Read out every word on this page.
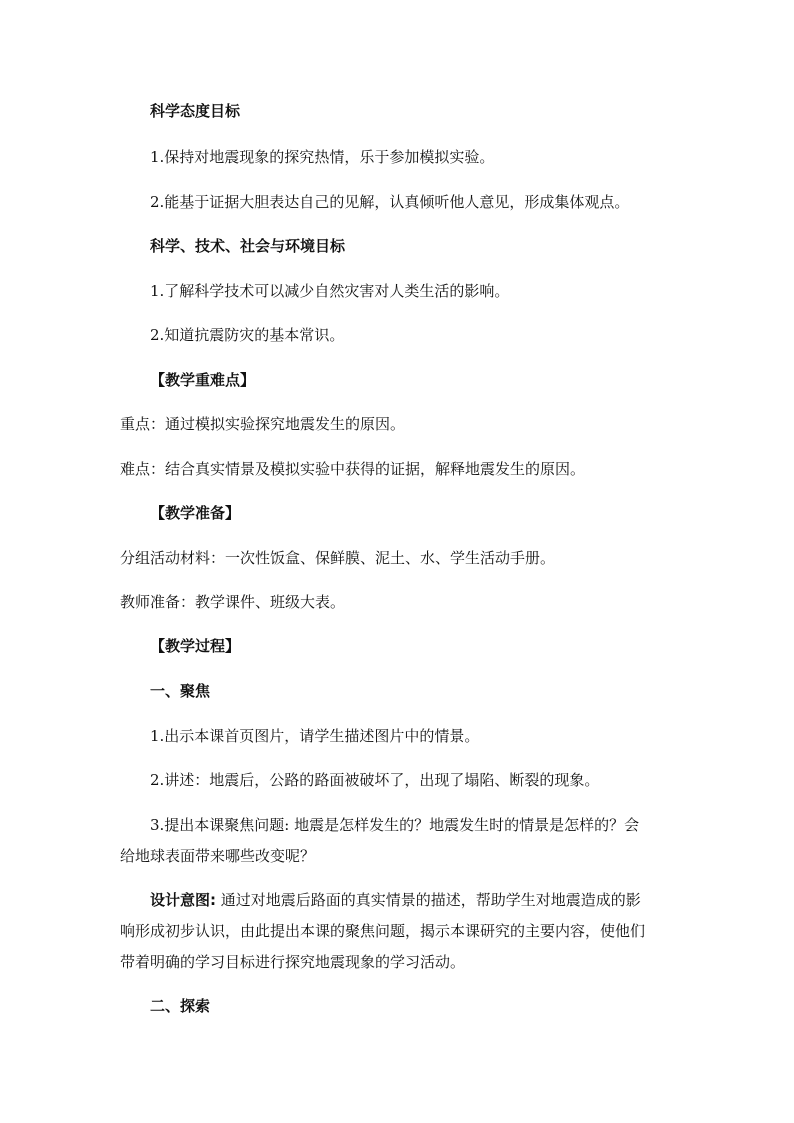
科学态度目标
1.保持对地震现象的探究热情，乐于参加模拟实验。
2.能基于证据大胆表达自己的见解，认真倾听他人意见，形成集体观点。
科学、技术、社会与环境目标
1.了解科学技术可以减少自然灾害对人类生活的影响。
2.知道抗震防灾的基本常识。
【教学重难点】
重点：通过模拟实验探究地震发生的原因。
难点：结合真实情景及模拟实验中获得的证据，解释地震发生的原因。
【教学准备】
分组活动材料：一次性饭盒、保鲜膜、泥土、水、学生活动手册。
教师准备：教学课件、班级大表。
【教学过程】
一、聚焦
1.出示本课首页图片，请学生描述图片中的情景。
2.讲述：地震后，公路的路面被破坏了，出现了塌陷、断裂的现象。
3.提出本课聚焦问题: 地震是怎样发生的？地震发生时的情景是怎样的？会
给地球表面带来哪些改变呢？
设计意图: 通过对地震后路面的真实情景的描述，帮助学生对地震造成的影
响形成初步认识，由此提出本课的聚焦问题，揭示本课研究的主要内容，使他们
带着明确的学习目标进行探究地震现象的学习活动。
二、探索
